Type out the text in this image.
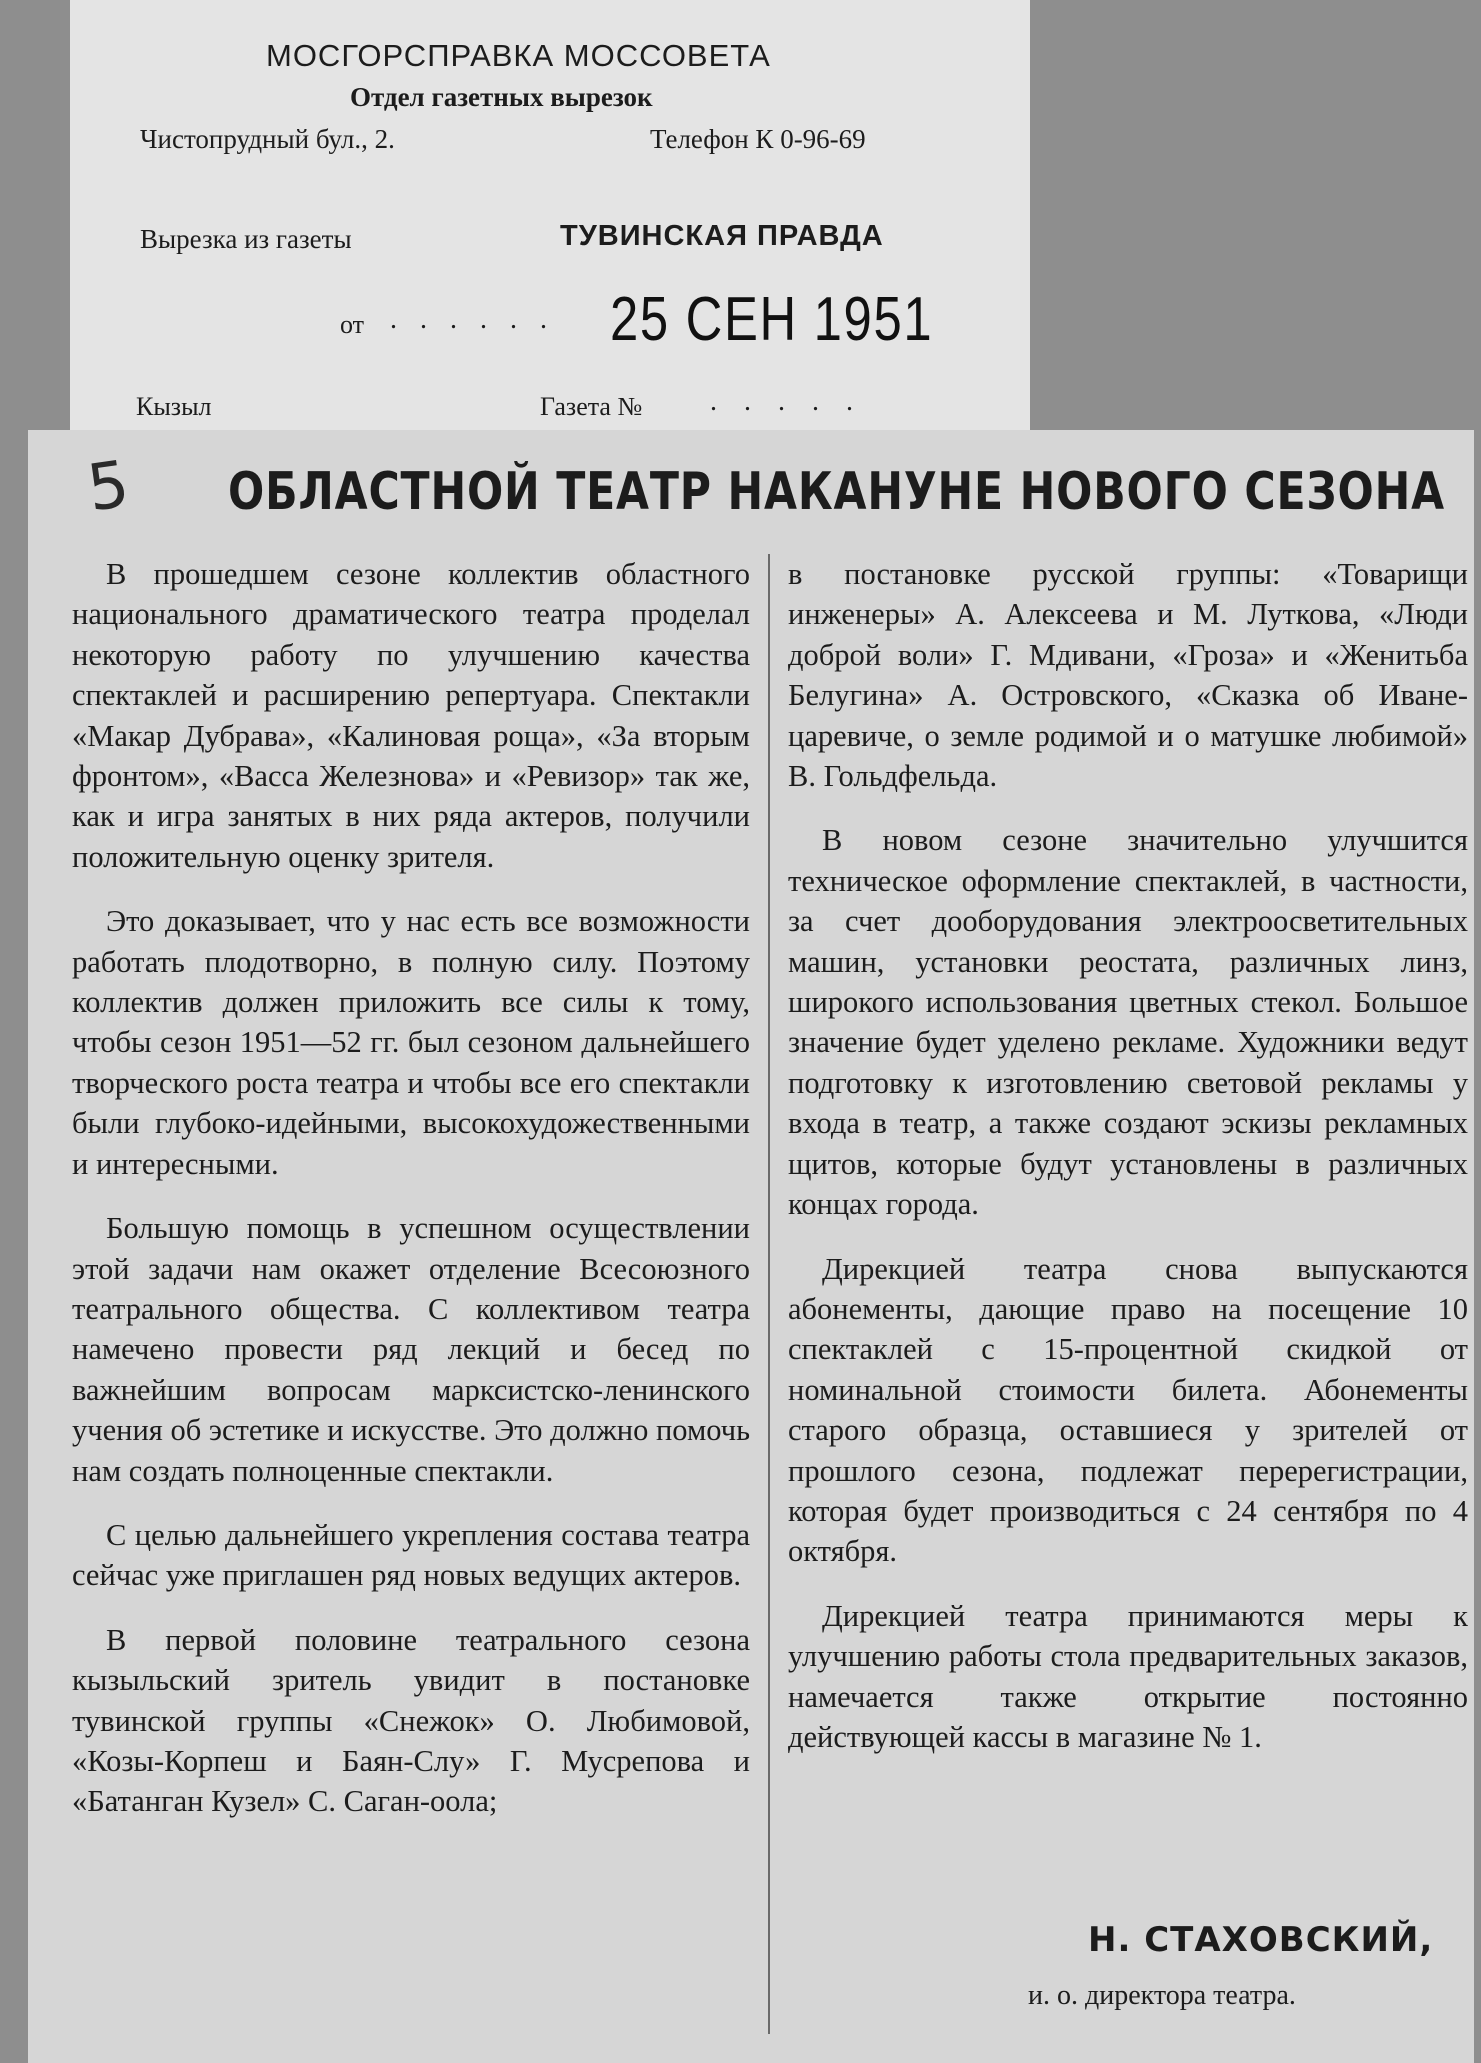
МОСГОРСПРАВКА МОССОВЕТА
Отдел газетных вырезок
Чистопрудный бул., 2.	Телефон К 0-96-69
Вырезка из газеты	ТУВИНСКАЯ ПРАВДА
от . . . . . . 25 СЕН 1951
Кызыл	Газета № . . . . .
5 ОБЛАСТНОЙ ТЕАТР НАКАНУНЕ НОВОГО СЕЗОНА

В прошедшем сезоне коллектив областного национального драматического театра проделал некоторую работу по улучшению качества спектаклей и расширению репертуара. Спектакли «Макар Дубрава», «Калиновая роща», «За вторым фронтом», «Васса Железнова» и «Ревизор» так же, как и игра занятых в них ряда актеров, получили положительную оценку зрителя.

Это доказывает, что у нас есть все возможности работать плодотворно, в полную силу. Поэтому коллектив должен приложить все силы к тому, чтобы сезон 1951—52 гг. был сезоном дальнейшего творческого роста театра и чтобы все его спектакли были глубоко-идейными, высокохудожественными и интересными.

Большую помощь в успешном осуществлении этой задачи нам окажет отделение Всесоюзного театрального общества. С коллективом театра намечено провести ряд лекций и бесед по важнейшим вопросам марксистско-ленинского учения об эстетике и искусстве. Это должно помочь нам создать полноценные спектакли.

С целью дальнейшего укрепления состава театра сейчас уже приглашен ряд новых ведущих актеров.

В первой половине театрального сезона кызыльский зритель увидит в постановке тувинской группы «Снежок» О. Любимовой, «Козы-Корпеш и Баян-Слу» Г. Мусрепова и «Батанган Кузел» С. Саган-оола;

в постановке русской группы: «Товарищи инженеры» А. Алексеева и М. Луткова, «Люди доброй воли» Г. Мдивани, «Гроза» и «Женитьба Белугина» А. Островского, «Сказка об Иване-царевиче, о земле родимой и о матушке любимой» В. Гольдфельда.

В новом сезоне значительно улучшится техническое оформление спектаклей, в частности, за счет дооборудования электроосветительных машин, установки реостата, различных линз, широкого использования цветных стекол. Большое значение будет уделено рекламе. Художники ведут подготовку к изготовлению световой рекламы у входа в театр, а также создают эскизы рекламных щитов, которые будут установлены в различных концах города.

Дирекцией театра снова выпускаются абонементы, дающие право на посещение 10 спектаклей с 15-процентной скидкой от номинальной стоимости билета. Абонементы старого образца, оставшиеся у зрителей от прошлого сезона, подлежат перерегистрации, которая будет производиться с 24 сентября по 4 октября.

Дирекцией театра принимаются меры к улучшению работы стола предварительных заказов, намечается также открытие постоянно действующей кассы в магазине № 1.

Н. СТАХОВСКИЙ,
и. о. директора театра.
